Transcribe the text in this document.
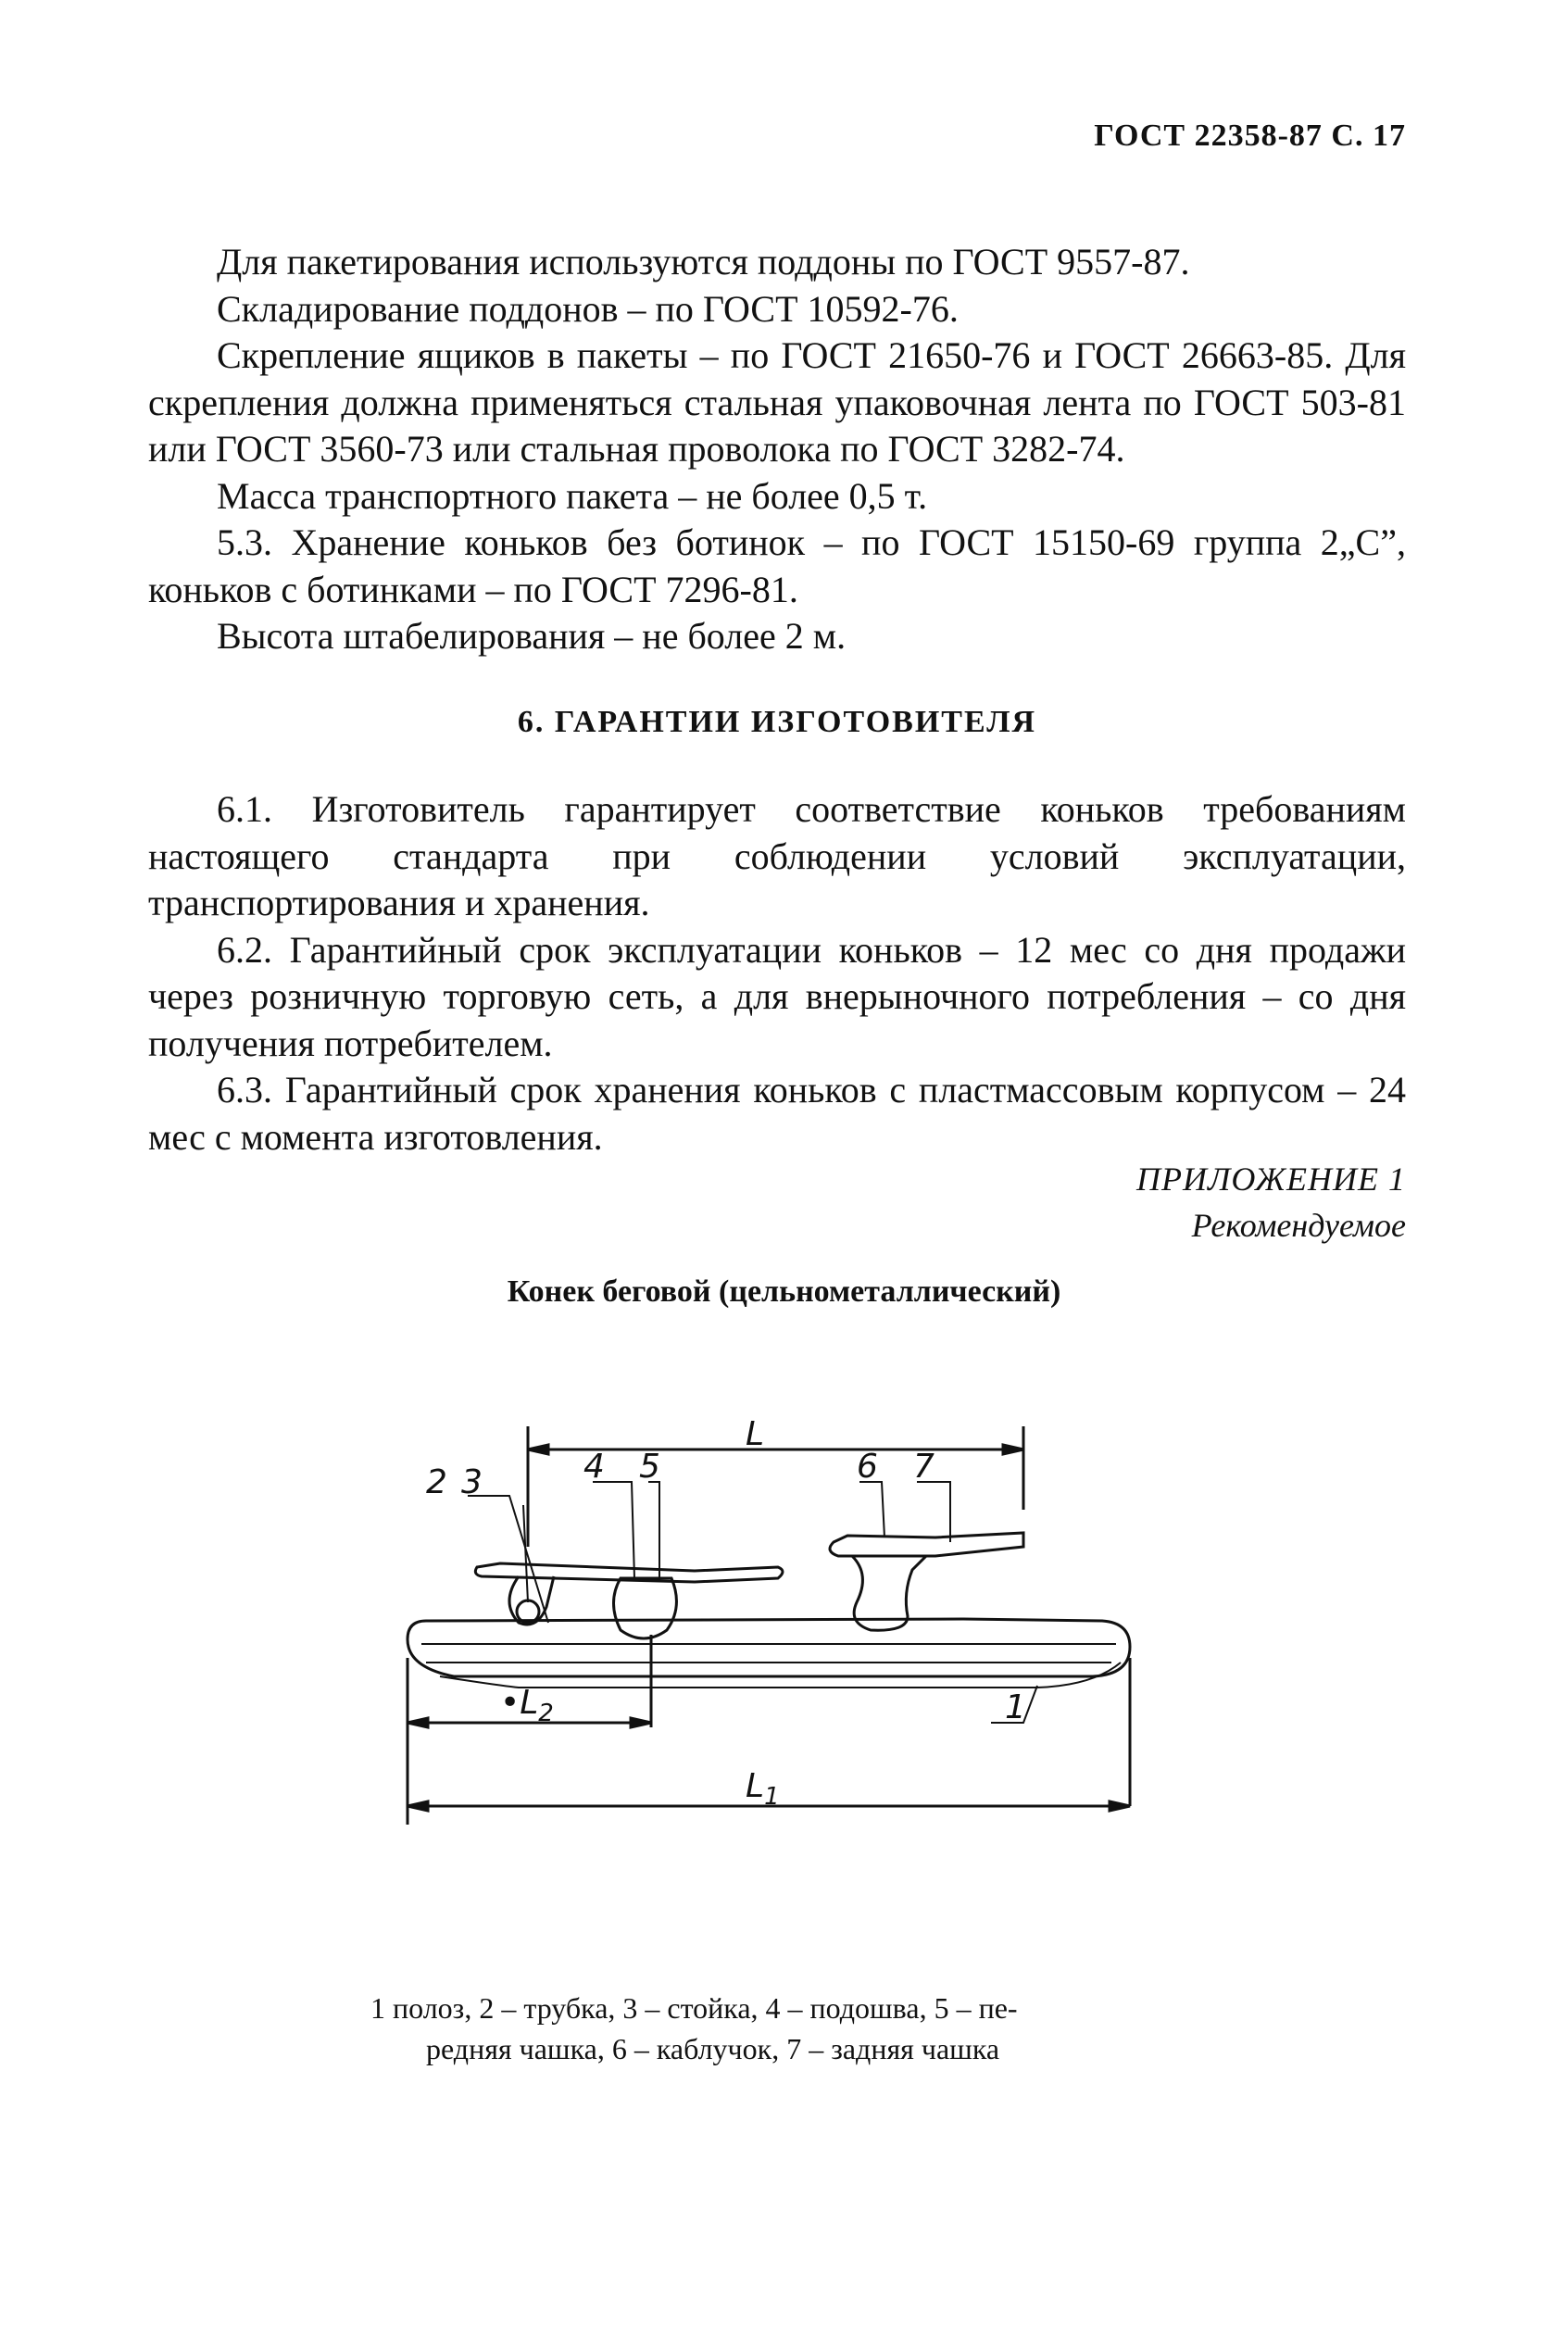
ГОСТ 22358-87 С. 17

Для пакетирования используются поддоны по ГОСТ 9557-87.

Складирование поддонов – по ГОСТ 10592-76.

Скрепление ящиков в пакеты – по ГОСТ 21650-76 и ГОСТ 26663-85. Для скрепления должна применяться стальная упаковочная лента по ГОСТ 503-81 или ГОСТ 3560-73 или стальная проволока по ГОСТ 3282-74.

Масса транспортного пакета – не более 0,5 т.

5.3. Хранение коньков без ботинок – по ГОСТ 15150-69 группа 2„С”, коньков с ботинками – по ГОСТ 7296-81.

Высота штабелирования – не более 2 м.

6. ГАРАНТИИ ИЗГОТОВИТЕЛЯ

6.1. Изготовитель гарантирует соответствие коньков требованиям настоящего стандарта при соблюдении условий эксплуатации, транспортирования и хранения.

6.2. Гарантийный срок эксплуатации коньков – 12 мес со дня продажи через розничную торговую сеть, а для внерыночного потребления – со дня получения потребителем.

6.3. Гарантийный срок хранения коньков с пластмассовым корпусом – 24 мес с момента изготовления.

ПРИЛОЖЕНИЕ 1
Рекомендуемое
Конек беговой (цельнометаллический)
L
4 5	6 7
2 3
1
$•L_2$
$L_1$
1 полоз, 2 – трубка, 3 – стойка, 4 – подошва, 5 – пе-
редняя чашка, 6 – каблучок, 7 – задняя чашка
